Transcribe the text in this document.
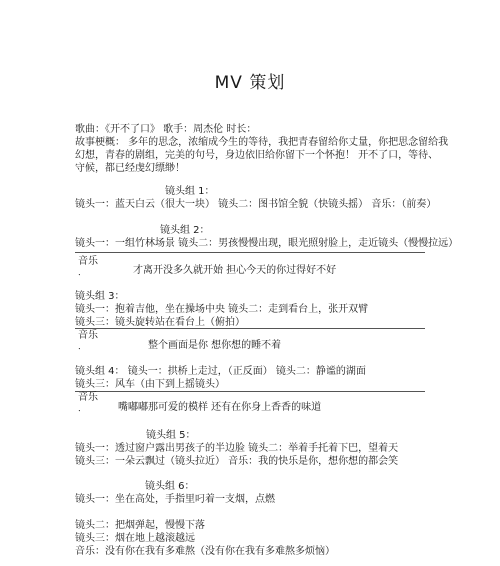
MV 策划
歌曲：《开不了口》 歌手：周杰伦 时长：
故事梗概： 多年的思念，浓缩成今生的等待，我把青春留给你丈量，你把思念留给我
幻想，青春的剧组，完美的句号，身边依旧给你留下一个怀抱！ 开不了口，等待、
守候，都已经虔幻缥缈！
镜头组 1：
镜头一：蓝天白云（很大一块） 镜头二：图书馆全貌（快镜头摇） 音乐：（前奏）
镜头组 2：
镜头一：一组竹林场景 镜头二：男孩慢慢出现，眼光照射脸上，走近镜头（慢慢拉远）
音乐
．	才离开没多久就开始 担心今天的你过得好不好
镜头组 3：
镜头一：抱着吉他，坐在操场中央 镜头二：走到看台上，张开双臂
镜头三：镜头旋转站在看台上（俯拍）
音乐
．	整个画面是你 想你想的睡不着
镜头组 4： 镜头一：拱桥上走过，（正反面） 镜头二：静谧的湖面
镜头三：风车（由下到上摇镜头）
音乐
．	嘴嘟嘟那可爱的模样 还有在你身上香香的味道
镜头组 5：
镜头一：透过窗户露出男孩子的半边脸 镜头二：举着手托着下巴，望着天
镜头三：一朵云飘过（镜头拉近） 音乐：我的快乐是你，想你想的都会笑
镜头组 6：
镜头一：坐在高处，手指里叼着一支烟，点燃
镜头二：把烟弹起，慢慢下落
镜头三：烟在地上越滚越远
音乐：没有你在我有多难熬（没有你在我有多难熬多烦恼）
